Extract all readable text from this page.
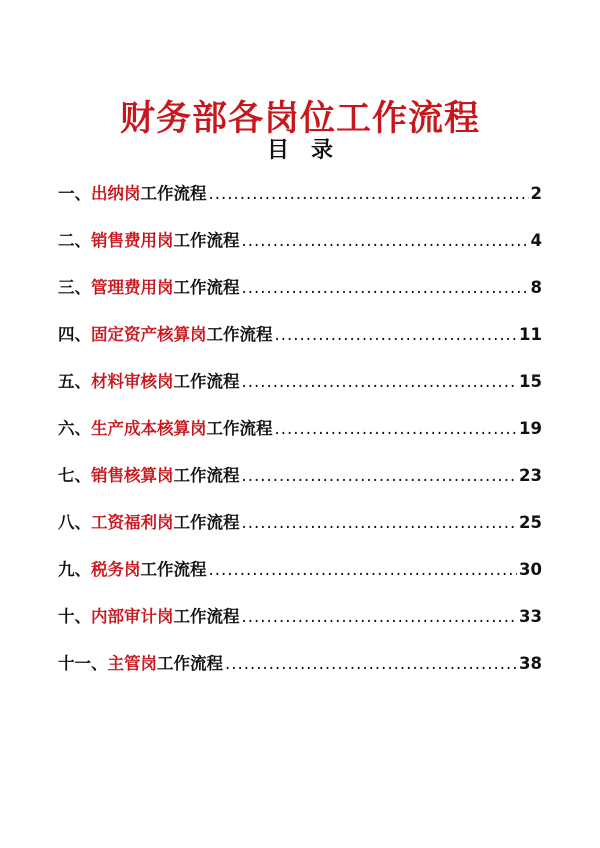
财务部各岗位工作流程
目　录
一、 出纳岗 工作流程 .....	2
二、 销售费用岗 工作流程 .....	4
三、 管理费用岗 工作流程 .....	8
四、 固定资产核算岗 工作流程 .....	11
五、 材料审核岗 工作流程 .....	15
六、 生产成本核算岗 工作流程 .....	19
七、 销售核算岗 工作流程 .....	23
八、 工资福利岗 工作流程 .....	25
九、 税务岗 工作流程 .....	30
十、 内部审计岗 工作流程 .....	33
十一、 主管岗 工作流程 .....	38
